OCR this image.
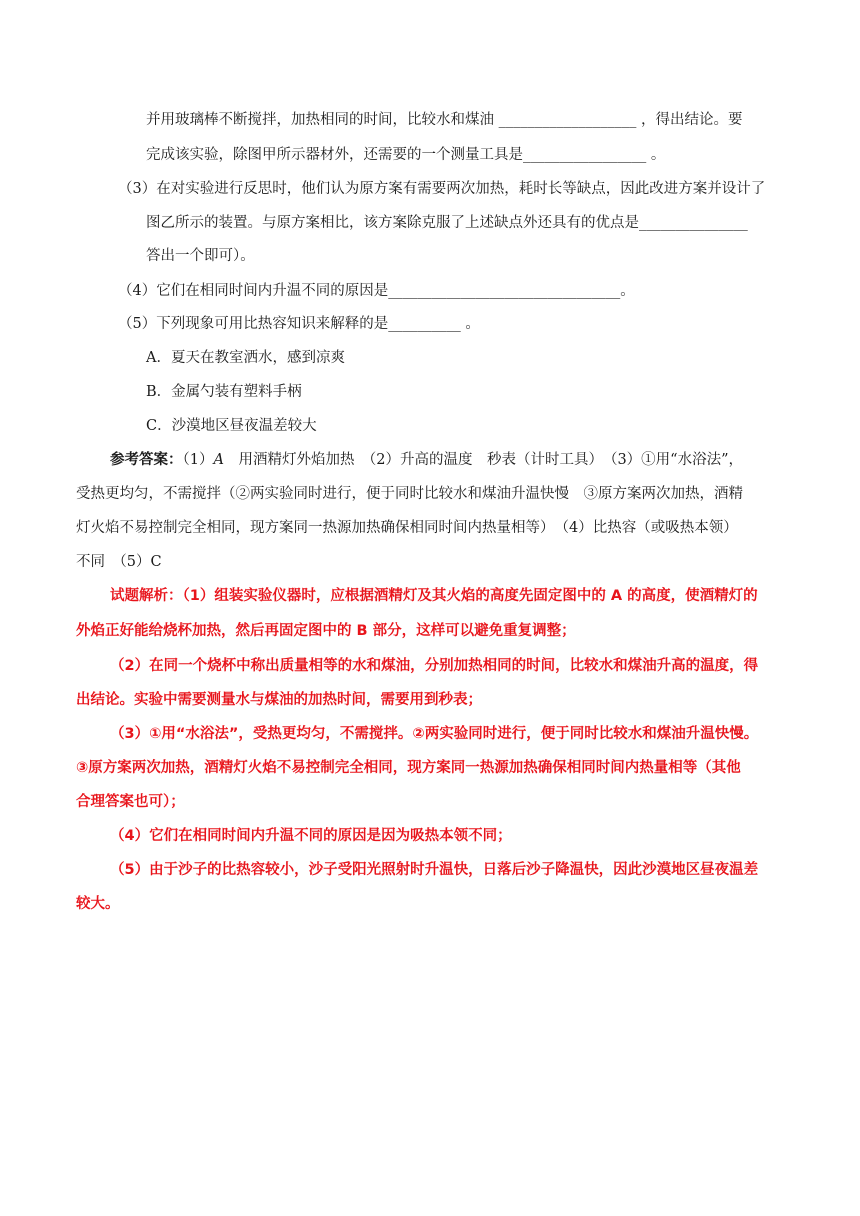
并用玻璃棒不断搅拌，加热相同的时间，比较水和煤油 ___________________ ，得出结论。要
完成该实验，除图甲所示器材外，还需要的一个测量工具是_________________ 。
（3）在对实验进行反思时，他们认为原方案有需要两次加热，耗时长等缺点，因此改进方案并设计了
图乙所示的装置。与原方案相比，该方案除克服了上述缺点外还具有的优点是_______________
答出一个即可）。
（4）它们在相同时间内升温不同的原因是________________________________。
（5）下列现象可用比热容知识来解释的是__________ 。
A．夏天在教室洒水，感到凉爽
B．金属勺装有塑料手柄
C．沙漠地区昼夜温差较大
参考答案：（1）A　用酒精灯外焰加热　（2）升高的温度　秒表（计时工具）　（3）①用“水浴法”，
受热更均匀，不需搅拌（②两实验同时进行，便于同时比较水和煤油升温快慢　③原方案两次加热，酒精
灯火焰不易控制完全相同，现方案同一热源加热确保相同时间内热量相等）　（4）比热容（或吸热本领）
不同　（5）C
试题解析：（1）组装实验仪器时，应根据酒精灯及其火焰的高度先固定图中的 A 的高度，使酒精灯的
外焰正好能给烧杯加热，然后再固定图中的 B 部分，这样可以避免重复调整；
（2）在同一个烧杯中称出质量相等的水和煤油，分别加热相同的时间，比较水和煤油升高的温度，得
出结论。实验中需要测量水与煤油的加热时间，需要用到秒表；
（3）①用“水浴法”，受热更均匀，不需搅拌。②两实验同时进行，便于同时比较水和煤油升温快慢。
③原方案两次加热，酒精灯火焰不易控制完全相同，现方案同一热源加热确保相同时间内热量相等（其他
合理答案也可）；
（4）它们在相同时间内升温不同的原因是因为吸热本领不同；
（5）由于沙子的比热容较小，沙子受阳光照射时升温快，日落后沙子降温快，因此沙漠地区昼夜温差
较大。
